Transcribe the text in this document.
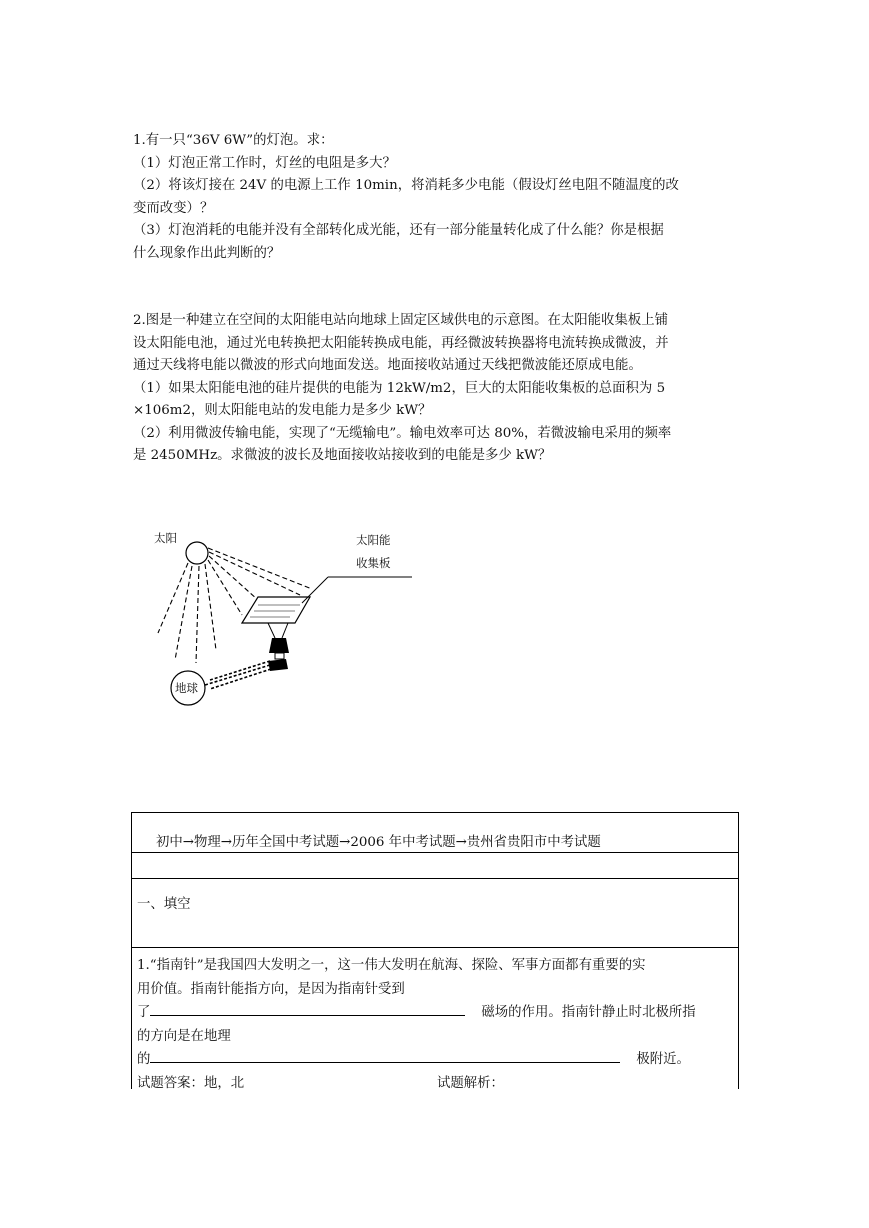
1.有一只“36V 6W”的灯泡。求：

（1）灯泡正常工作时，灯丝的电阻是多大？

（2）将该灯接在 24V 的电源上工作 10min，将消耗多少电能（假设灯丝电阻不随温度的改

变而改变）？

（3）灯泡消耗的电能并没有全部转化成光能，还有一部分能量转化成了什么能？你是根据

什么现象作出此判断的？

2.图是一种建立在空间的太阳能电站向地球上固定区域供电的示意图。在太阳能收集板上铺

设太阳能电池，通过光电转换把太阳能转换成电能，再经微波转换器将电流转换成微波，并

通过天线将电能以微波的形式向地面发送。地面接收站通过天线把微波能还原成电能。

（1）如果太阳能电池的硅片提供的电能为 12kW/m2，巨大的太阳能收集板的总面积为 5

×106m2，则太阳能电站的发电能力是多少 kW？

（2）利用微波传输电能，实现了“无缆输电”。输电效率可达 80%，若微波输电采用的频率

是 2450MHz。求微波的波长及地面接收站接收到的电能是多少 kW？

太阳	太阳能
收集板
地球
初中→物理→历年全国中考试题→2006 年中考试题→贵州省贵阳市中考试题
一、填空
1.“指南针”是我国四大发明之一，这一伟大发明在航海、探险、军事方面都有重要的实
用价值。指南针能指方向，是因为指南针受到
了	磁场的作用。指南针静止时北极所指
的方向是在地理
的	极附近。
试题答案：地，北	试题解析：
